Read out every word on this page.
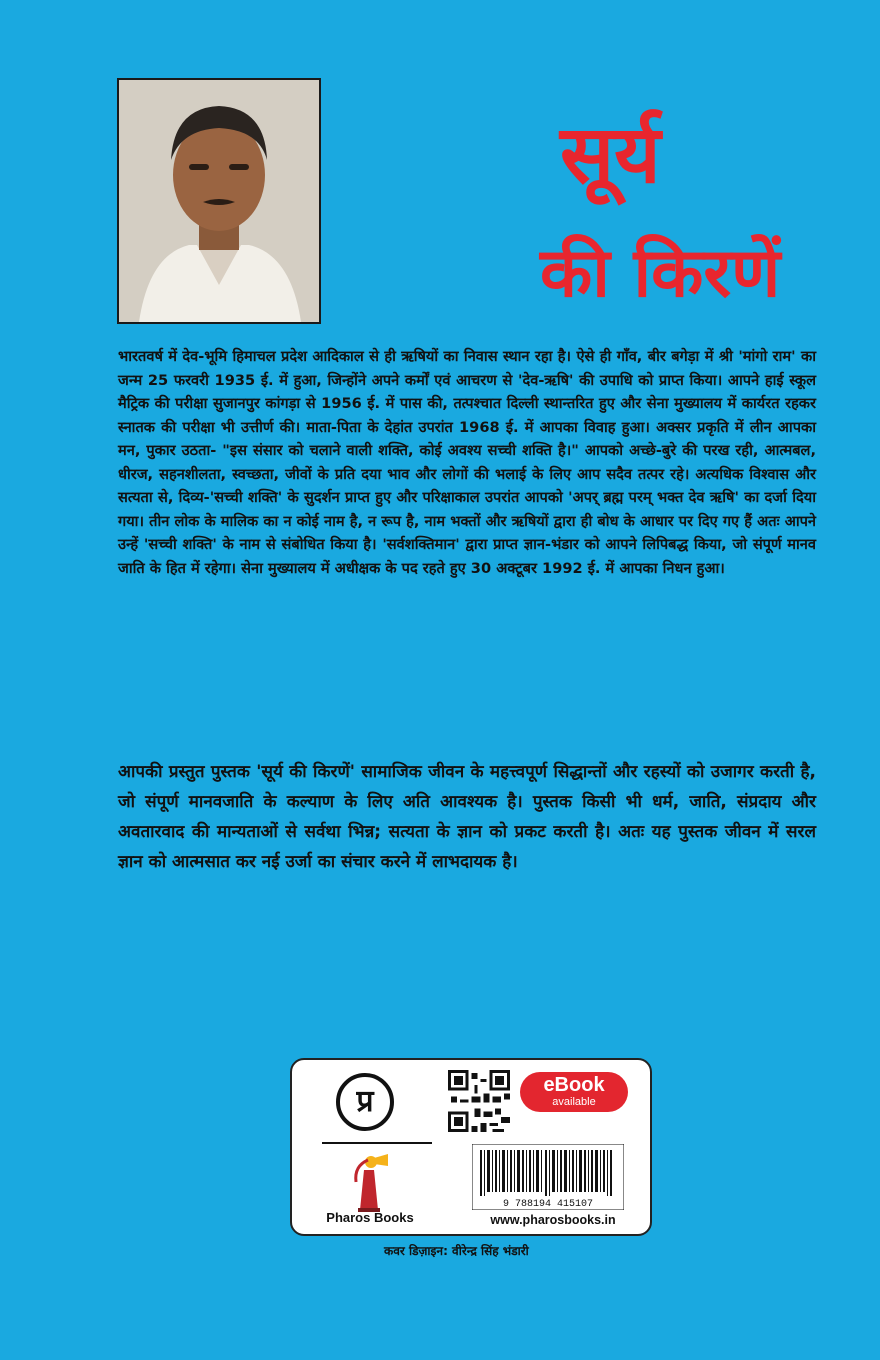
सूर्य
की किरणें

भारतवर्ष में देव-भूमि हिमाचल प्रदेश आदिकाल से ही ऋषियों का निवास स्थान रहा है। ऐसे ही गाँव, बीर बगेड़ा में श्री 'मांगो राम' का जन्म 25 फरवरी 1935 ई. में हुआ, जिन्होंने अपने कर्मों एवं आचरण से 'देव-ऋषि' की उपाधि को प्राप्त किया। आपने हाई स्कूल मैट्रिक की परीक्षा सुजानपुर कांगड़ा से 1956 ई. में पास की, तत्पश्चात दिल्ली स्थान्तरित हुए और सेना मुख्यालय में कार्यरत रहकर स्नातक की परीक्षा भी उत्तीर्ण की। माता-पिता के देहांत उपरांत 1968 ई. में आपका विवाह हुआ। अक्सर प्रकृति में लीन आपका मन, पुकार उठता- "इस संसार को चलाने वाली शक्ति, कोई अवश्य सच्ची शक्ति है।" आपको अच्छे-बुरे की परख रही, आत्मबल, धीरज, सहनशीलता, स्वच्छता, जीवों के प्रति दया भाव और लोगों की भलाई के लिए आप सदैव तत्पर रहे। अत्यधिक विश्वास और सत्यता से, दिव्य-'सच्ची शक्ति' के सुदर्शन प्राप्त हुए और परिक्षाकाल उपरांत आपको 'अपर् ब्रह्म परम् भक्त देव ऋषि' का दर्जा दिया गया। तीन लोक के मालिक का न कोई नाम है, न रूप है, नाम भक्तों और ऋषियों द्वारा ही बोध के आधार पर दिए गए हैं अतः आपने उन्हें 'सच्ची शक्ति' के नाम से संबोधित किया है। 'सर्वशक्तिमान' द्वारा प्राप्त ज्ञान-भंडार को आपने लिपिबद्ध किया, जो संपूर्ण मानव जाति के हित में रहेगा। सेना मुख्यालय में अधीक्षक के पद रहते हुए 30 अक्टूबर 1992 ई. में आपका निधन हुआ।

आपकी प्रस्तुत पुस्तक 'सूर्य की किरणें' सामाजिक जीवन के महत्त्वपूर्ण सिद्धान्तों और रहस्यों को उजागर करती है, जो संपूर्ण मानवजाति के कल्याण के लिए अति आवश्यक है। पुस्तक किसी भी धर्म, जाति, संप्रदाय और अवतारवाद की मान्यताओं से सर्वथा भिन्न; सत्यता के ज्ञान को प्रकट करती है। अतः यह पुस्तक जीवन में सरल ज्ञान को आत्मसात कर नई उर्जा का संचार करने में लाभदायक है।

प्र
Pharos Books
eBook
available
9 788194 415107
www.pharosbooks.in
कवर डिज़ाइन: वीरेन्द्र सिंह भंडारी
